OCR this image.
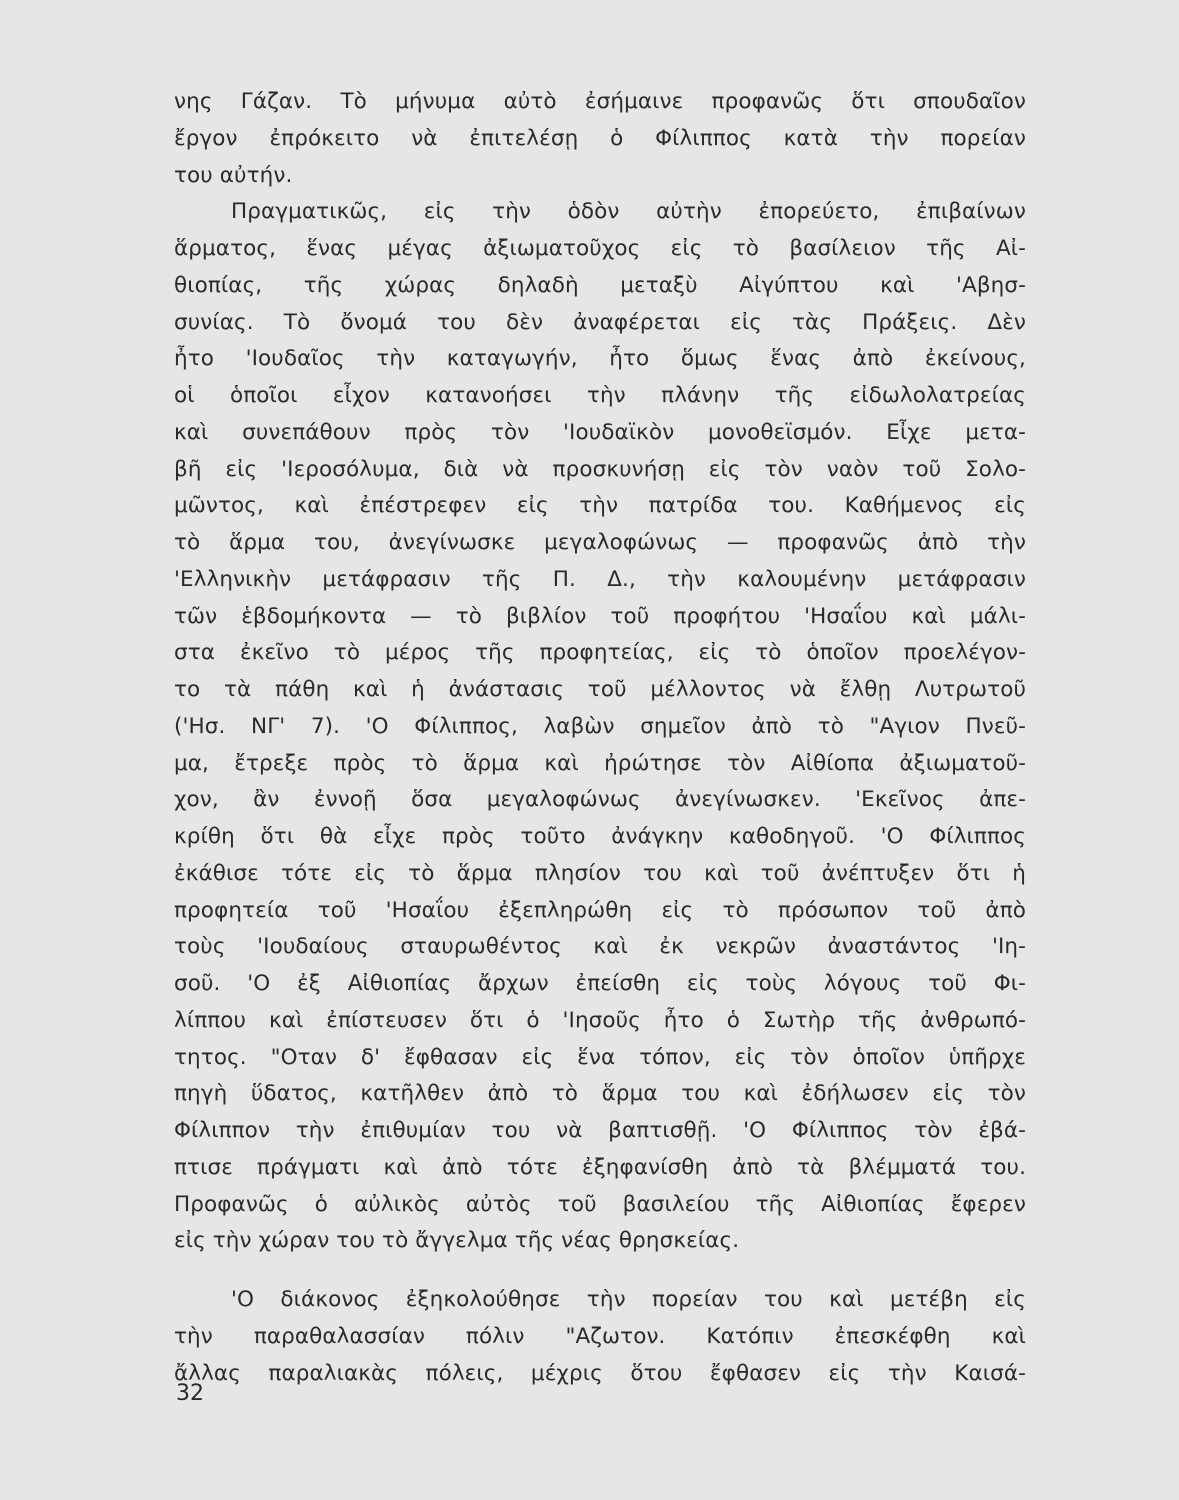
νης Γάζαν. Τὸ μήνυμα αὐτὸ ἐσήμαινε προφανῶς ὅτι σπουδαῖον
ἔργον ἐπρόκειτο νὰ ἐπιτελέσῃ ὁ Φίλιππος κατὰ τὴν πορείαν
του αὐτήν.
Πραγματικῶς, εἰς τὴν ὁδὸν αὐτὴν ἐπορεύετο, ἐπιβαίνων
ἅρματος, ἕνας μέγας ἀξιωματοῦχος εἰς τὸ βασίλειον τῆς Αἰ-
θιοπίας, τῆς χώρας δηλαδὴ μεταξὺ Αἰγύπτου καὶ 'Αβησ-
συνίας. Τὸ ὄνομά του δὲν ἀναφέρεται εἰς τὰς Πράξεις. Δὲν
ἦτο 'Ιουδαῖος τὴν καταγωγήν, ἦτο ὅμως ἕνας ἀπὸ ἐκείνους,
οἱ ὁποῖοι εἶχον κατανοήσει τὴν πλάνην τῆς εἰδωλολατρείας
καὶ συνεπάθουν πρὸς τὸν 'Ιουδαϊκὸν μονοθεϊσμόν. Εἶχε μετα-
βῆ εἰς 'Ιεροσόλυμα, διὰ νὰ προσκυνήσῃ εἰς τὸν ναὸν τοῦ Σολο-
μῶντος, καὶ ἐπέστρεφεν εἰς τὴν πατρίδα του. Καθήμενος εἰς
τὸ ἅρμα του, ἀνεγίνωσκε μεγαλοφώνως — προφανῶς ἀπὸ τὴν
'Ελληνικὴν μετάφρασιν τῆς Π. Δ., τὴν καλουμένην μετάφρασιν
τῶν ἑβδομήκοντα — τὸ βιβλίον τοῦ προφήτου 'Ησαΐου καὶ μάλι-
στα ἐκεῖνο τὸ μέρος τῆς προφητείας, εἰς τὸ ὁποῖον προελέγον-
το τὰ πάθη καὶ ἡ ἀνάστασις τοῦ μέλλοντος νὰ ἔλθῃ Λυτρωτοῦ
('Ησ. ΝΓ' 7). 'Ο Φίλιππος, λαβὼν σημεῖον ἀπὸ τὸ "Αγιον Πνεῦ-
μα, ἔτρεξε πρὸς τὸ ἅρμα καὶ ἠρώτησε τὸν Αἰθίοπα ἀξιωματοῦ-
χον, ἂν ἐννοῇ ὅσα μεγαλοφώνως ἀνεγίνωσκεν. 'Εκεῖνος ἀπε-
κρίθη ὅτι θὰ εἶχε πρὸς τοῦτο ἀνάγκην καθοδηγοῦ. 'Ο Φίλιππος
ἐκάθισε τότε εἰς τὸ ἅρμα πλησίον του καὶ τοῦ ἀνέπτυξεν ὅτι ἡ
προφητεία τοῦ 'Ησαΐου ἐξεπληρώθη εἰς τὸ πρόσωπον τοῦ ἀπὸ
τοὺς 'Ιουδαίους σταυρωθέντος καὶ ἐκ νεκρῶν ἀναστάντος 'Ιη-
σοῦ. 'Ο ἐξ Αἰθιοπίας ἄρχων ἐπείσθη εἰς τοὺς λόγους τοῦ Φι-
λίππου καὶ ἐπίστευσεν ὅτι ὁ 'Ιησοῦς ἦτο ὁ Σωτὴρ τῆς ἀνθρωπό-
τητος. "Οταν δ' ἔφθασαν εἰς ἕνα τόπον, εἰς τὸν ὁποῖον ὑπῆρχε
πηγὴ ὕδατος, κατῆλθεν ἀπὸ τὸ ἅρμα του καὶ ἐδήλωσεν εἰς τὸν
Φίλιππον τὴν ἐπιθυμίαν του νὰ βαπτισθῇ. 'Ο Φίλιππος τὸν ἐβά-
πτισε πράγματι καὶ ἀπὸ τότε ἐξηφανίσθη ἀπὸ τὰ βλέμματά του.
Προφανῶς ὁ αὐλικὸς αὐτὸς τοῦ βασιλείου τῆς Αἰθιοπίας ἔφερεν
εἰς τὴν χώραν του τὸ ἄγγελμα τῆς νέας θρησκείας.
'Ο διάκονος ἐξηκολούθησε τὴν πορείαν του καὶ μετέβη εἰς
τὴν παραθαλασσίαν πόλιν "Αζωτον. Κατόπιν ἐπεσκέφθη καὶ
ἄλλας παραλιακὰς πόλεις, μέχρις ὅτου ἔφθασεν εἰς τὴν Καισά-
32
